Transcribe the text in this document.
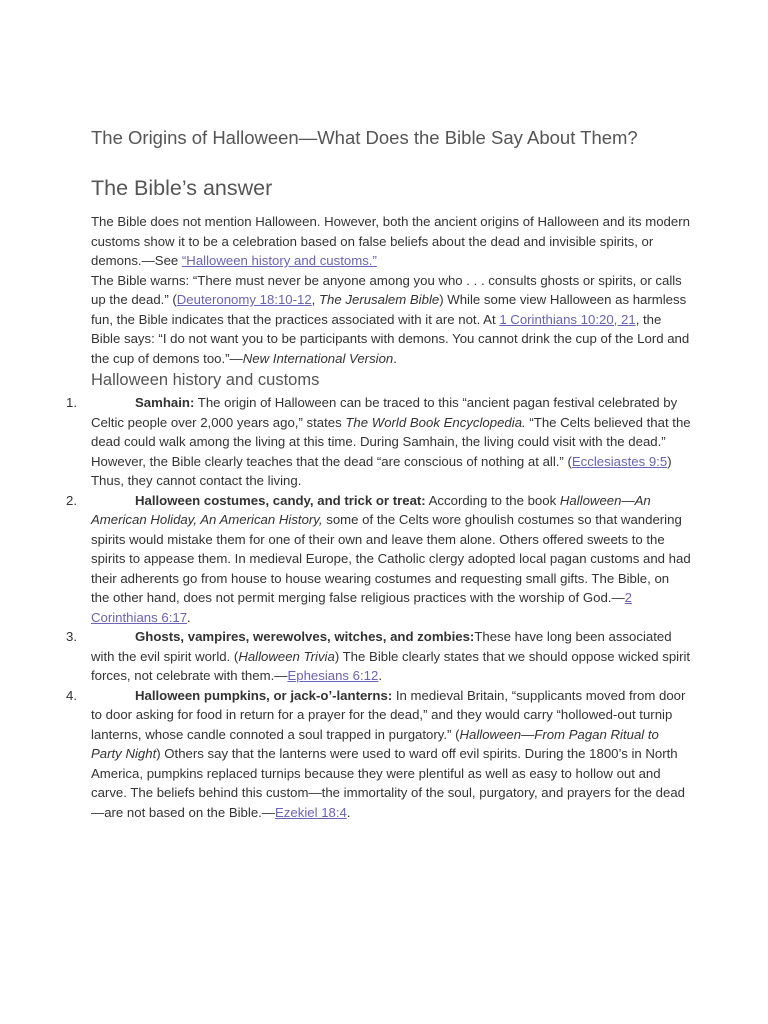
The Origins of Halloween—What Does the Bible Say About Them?
The Bible’s answer

The Bible does not mention Halloween. However, both the ancient origins of Halloween and its modern customs show it to be a celebration based on false beliefs about the dead and invisible spirits, or demons.—See “Halloween history and customs.”

The Bible warns: “There must never be anyone among you who . . . consults ghosts or spirits, or calls up the dead.” (Deuteronomy 18:10-12, The Jerusalem Bible) While some view Halloween as harmless fun, the Bible indicates that the practices associated with it are not. At 1 Corinthians 10:20, 21, the Bible says: “I do not want you to be participants with demons. You cannot drink the cup of the Lord and the cup of demons too.”—New International Version.

Halloween history and customs
1.	Samhain: The origin of Halloween can be traced to this “ancient pagan festival celebrated by Celtic people over 2,000 years ago,” states The World Book Encyclopedia. “The Celts believed that the dead could walk among the living at this time. During Samhain, the living could visit with the dead.” However, the Bible clearly teaches that the dead “are conscious of nothing at all.” (Ecclesiastes 9:5) Thus, they cannot contact the living.
2.	Halloween costumes, candy, and trick or treat: According to the book Halloween—An American Holiday, An American History, some of the Celts wore ghoulish costumes so that wandering spirits would mistake them for one of their own and leave them alone. Others offered sweets to the spirits to appease them. In medieval Europe, the Catholic clergy adopted local pagan customs and had their adherents go from house to house wearing costumes and requesting small gifts. The Bible, on the other hand, does not permit merging false religious practices with the worship of God.—2 Corinthians 6:17.
3.	Ghosts, vampires, werewolves, witches, and zombies:These have long been associated with the evil spirit world. (Halloween Trivia) The Bible clearly states that we should oppose wicked spirit forces, not celebrate with them.—Ephesians 6:12.
4.	Halloween pumpkins, or jack-o’-lanterns: In medieval Britain, “supplicants moved from door to door asking for food in return for a prayer for the dead,” and they would carry “hollowed-out turnip lanterns, whose candle connoted a soul trapped in purgatory.” (Halloween—From Pagan Ritual to Party Night) Others say that the lanterns were used to ward off evil spirits. During the 1800’s in North America, pumpkins replaced turnips because they were plentiful as well as easy to hollow out and carve. The beliefs behind this custom—the immortality of the soul, purgatory, and prayers for the dead—are not based on the Bible.—Ezekiel 18:4.
